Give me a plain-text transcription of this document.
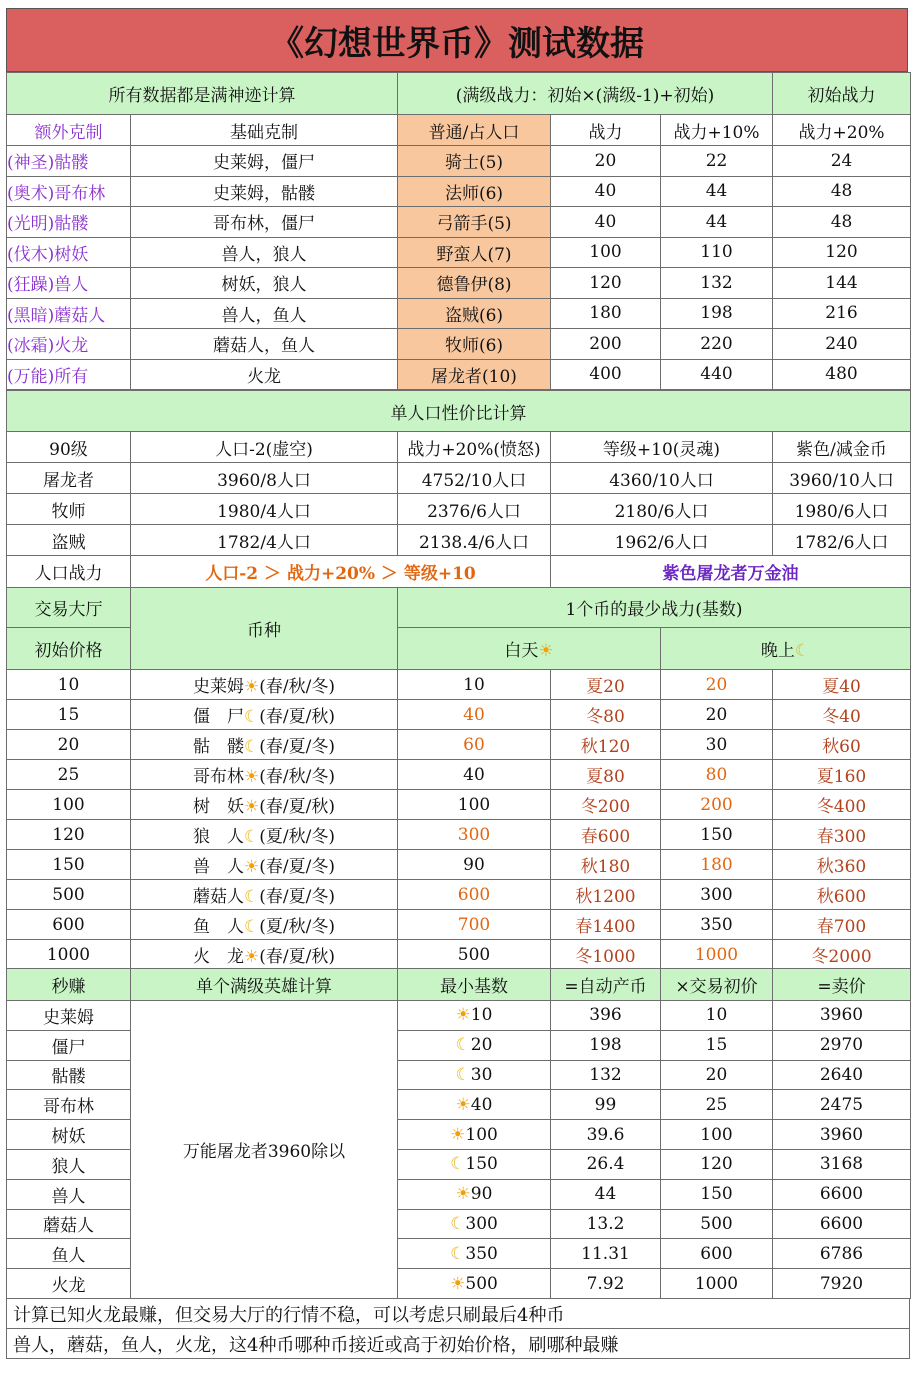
《幻想世界币》测试数据
所有数据都是满神迹计算		(满级战力：初始×(满级-1)+初始)			初始战力
额外克制	基础克制	普通/占人口	战力	战力+10%	战力+20%
(神圣)骷髅	史莱姆，僵尸	骑士(5)	20	22	24
(奥术)哥布林	史莱姆，骷髅	法师(6)	40	44	48
(光明)骷髅	哥布林，僵尸	弓箭手(5)	40	44	48
(伐木)树妖	兽人，狼人	野蛮人(7)	100	110	120
(狂躁)兽人	树妖，狼人	德鲁伊(8)	120	132	144
(黑暗)蘑菇人	兽人，鱼人	盗贼(6)	180	198	216
(冰霜)火龙	蘑菇人，鱼人	牧师(6)	200	220	240
(万能)所有	火龙	屠龙者(10)	400	440	480
单人口性价比计算				
90级	人口-2(虚空)	战力+20%(愤怒)	等级+10(灵魂)	紫色/减金币
屠龙者	3960/8人口	4752/10人口	4360/10人口	3960/10人口
牧师	1980/4人口	2376/6人口	2180/6人口	1980/6人口
盗贼	1782/4人口	2138.4/6人口	1962/6人口	1782/6人口
人口战力	人口-2 ＞ 战力+20% ＞ 等级+10		紫色屠龙者万金油	
交易大厅	币种	1个币的最少战力(基数)			
初始价格		白天☀		晚上☾	
10	史莱姆☀(春/秋/冬)	10	夏20	20	夏40
15	僵　尸☾(春/夏/秋)	40	冬80	20	冬40
20	骷　髅☾(春/夏/冬)	60	秋120	30	秋60
25	哥布林☀(春/秋/冬)	40	夏80	80	夏160
100	树　妖☀(春/夏/秋)	100	冬200	200	冬400
120	狼　人☾(夏/秋/冬)	300	春600	150	春300
150	兽　人☀(春/夏/冬)	90	秋180	180	秋360
500	蘑菇人☾(春/夏/冬)	600	秋1200	300	秋600
600	鱼　人☾(夏/秋/冬)	700	春1400	350	春700
1000	火　龙☀(春/夏/秋)	500	冬1000	1000	冬2000
秒赚	单个满级英雄计算	最小基数	=自动产币	×交易初价	=卖价
史莱姆	万能屠龙者3960除以	☀10	396	10	3960
僵尸		☾20	198	15	2970
骷髅		☾30	132	20	2640
哥布林		☀40	99	25	2475
树妖		☀100	39.6	100	3960
狼人		☾150	26.4	120	3168
兽人		☀90	44	150	6600
蘑菇人		☾300	13.2	500	6600
鱼人		☾350	11.31	600	6786
火龙		☀500	7.92	1000	7920
计算已知火龙最赚，但交易大厅的行情不稳，可以考虑只刷最后4种币
兽人，蘑菇，鱼人，火龙，这4种币哪种币接近或高于初始价格，刷哪种最赚
